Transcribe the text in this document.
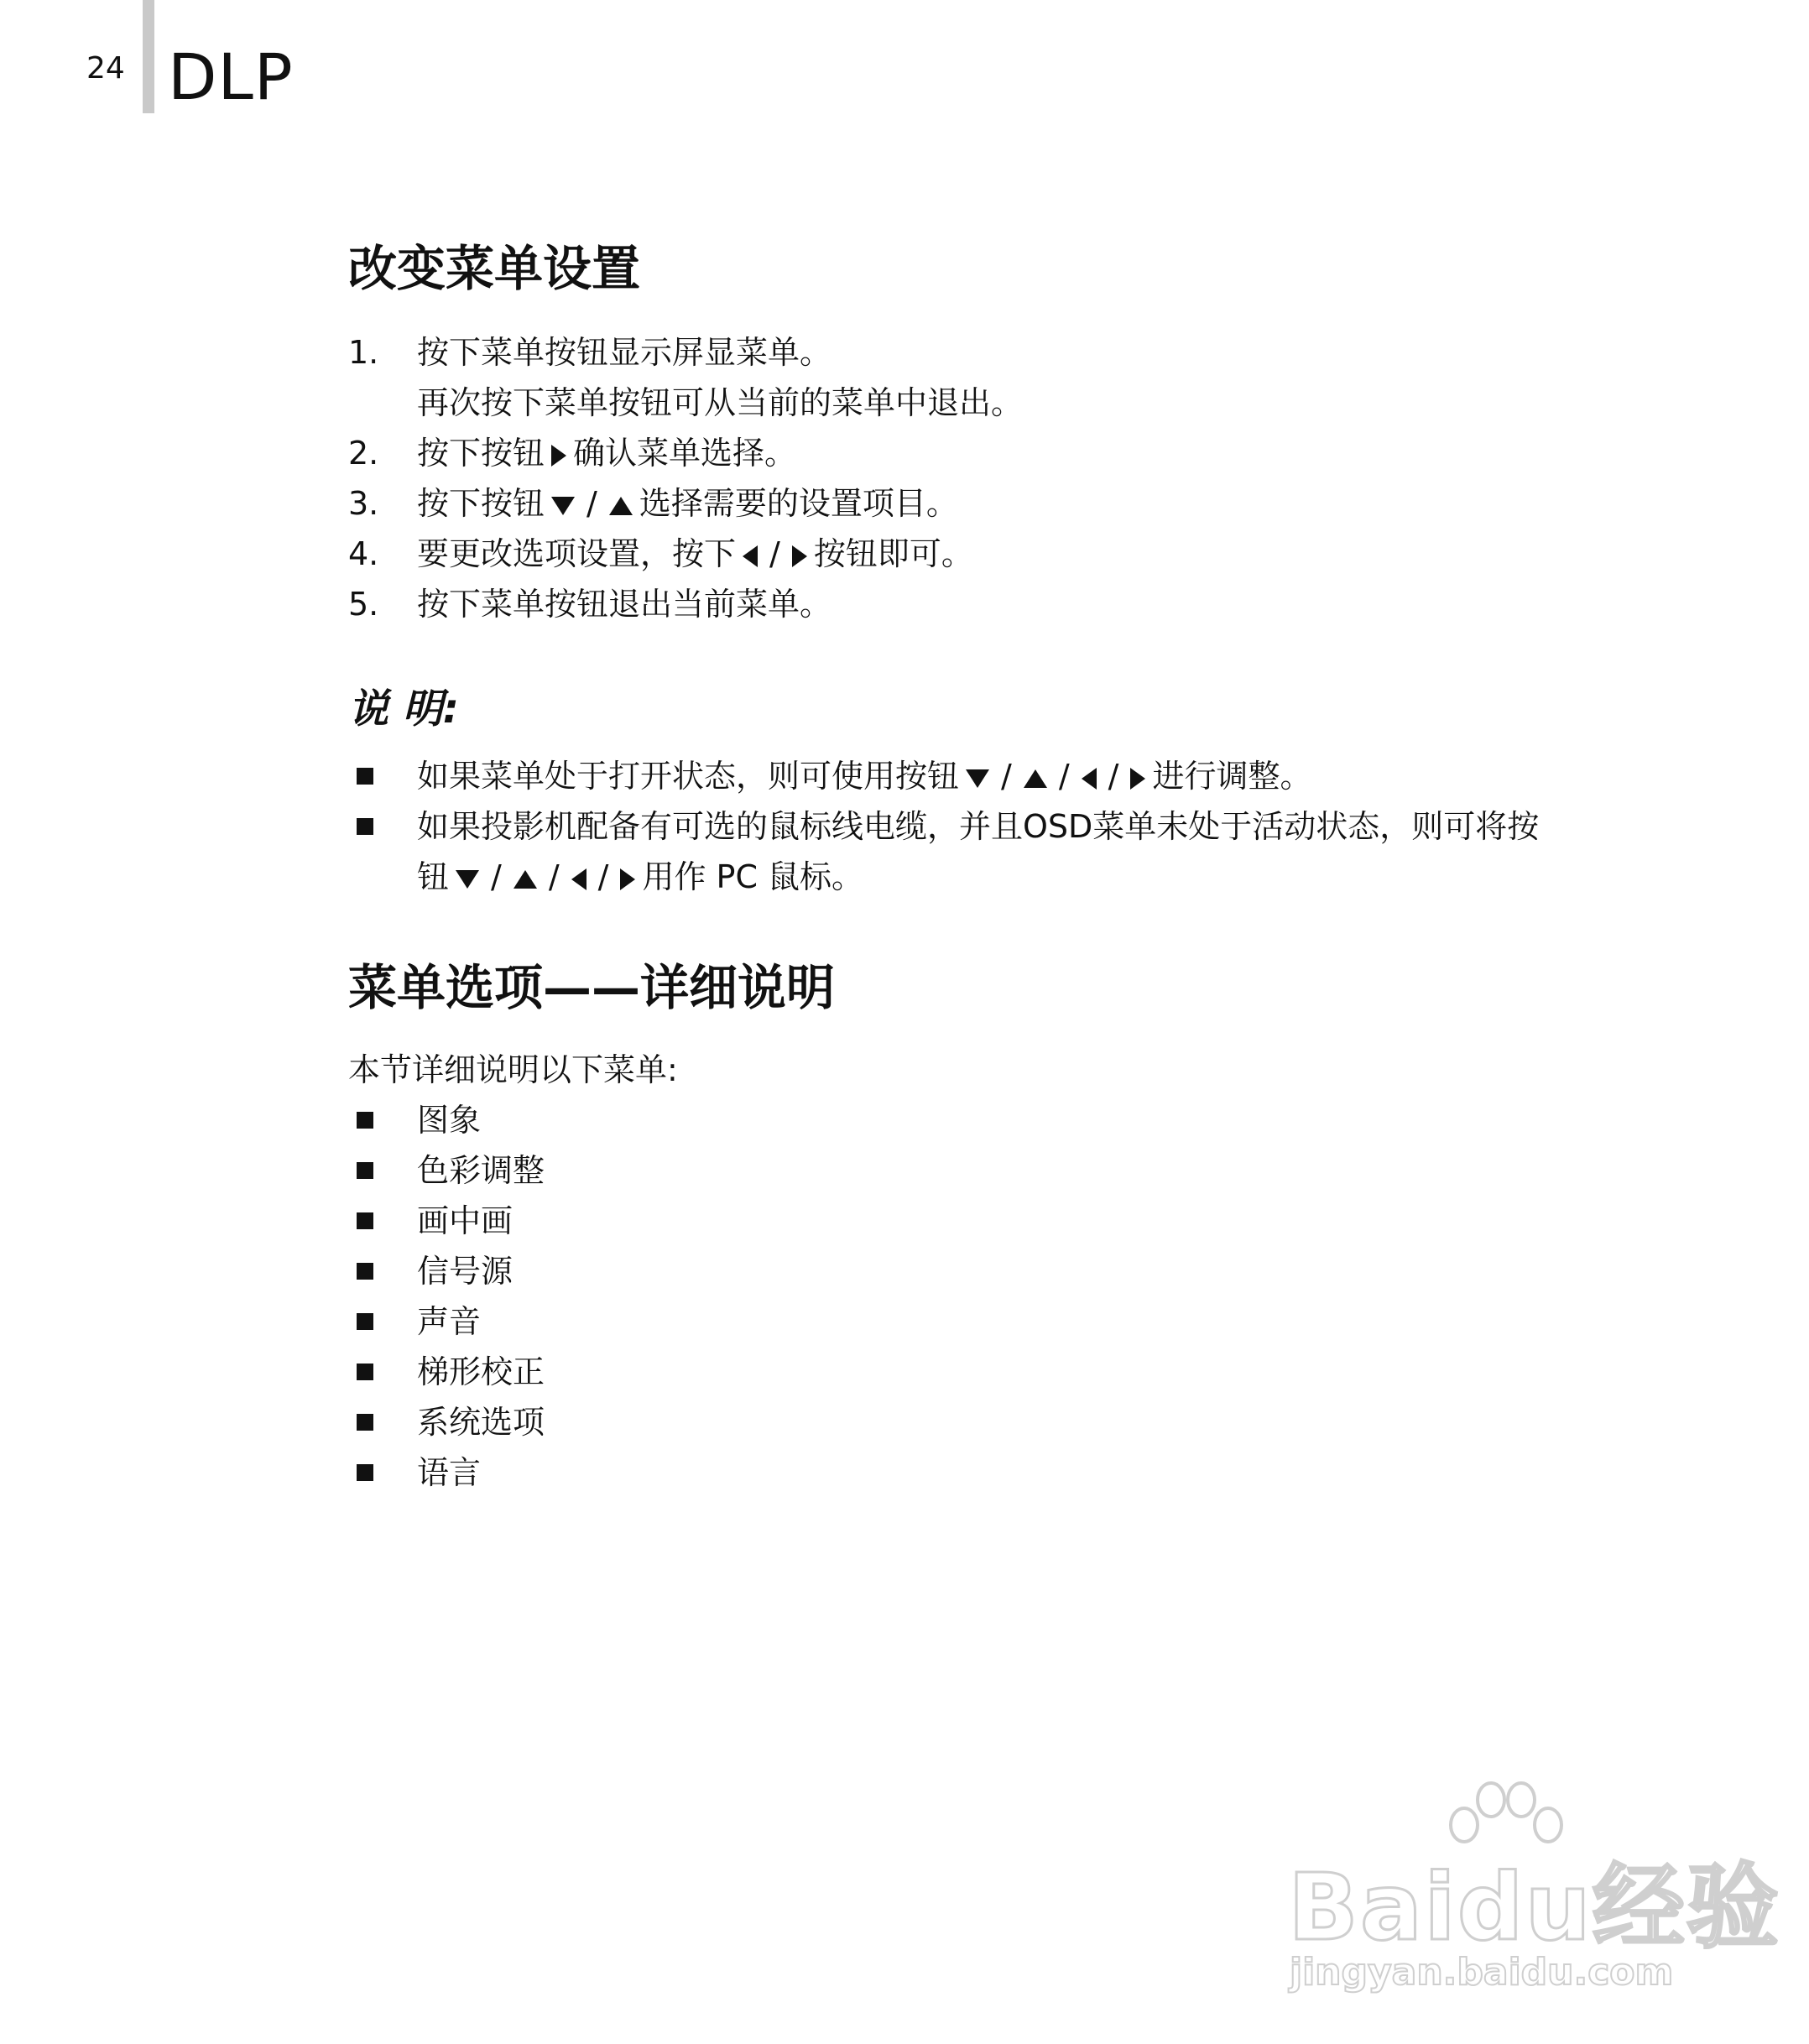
24 DLP
改变菜单设置
1. 按下菜单按钮显示屏显菜单。
再次按下菜单按钮可从当前的菜单中退出。
2. 按下按钮 确认菜单选择。
3. 按下按钮 / 选择需要的设置项目。
4. 要更改选项设置，按下 / 按钮即可。
5. 按下菜单按钮退出当前菜单。
说 明:
如果菜单处于打开状态，则可使用按钮 / / / 进行调整。
如果投影机配备有可选的鼠标线电缆，并且OSD菜单未处于活动状态，则可将按
钮 / / / 用作 PC 鼠标。
菜单选项——详细说明
本节详细说明以下菜单:
图象
色彩调整
画中画
信号源
声音
梯形校正
系统选项
语言
Baidu经验
jingyan.baidu.com
